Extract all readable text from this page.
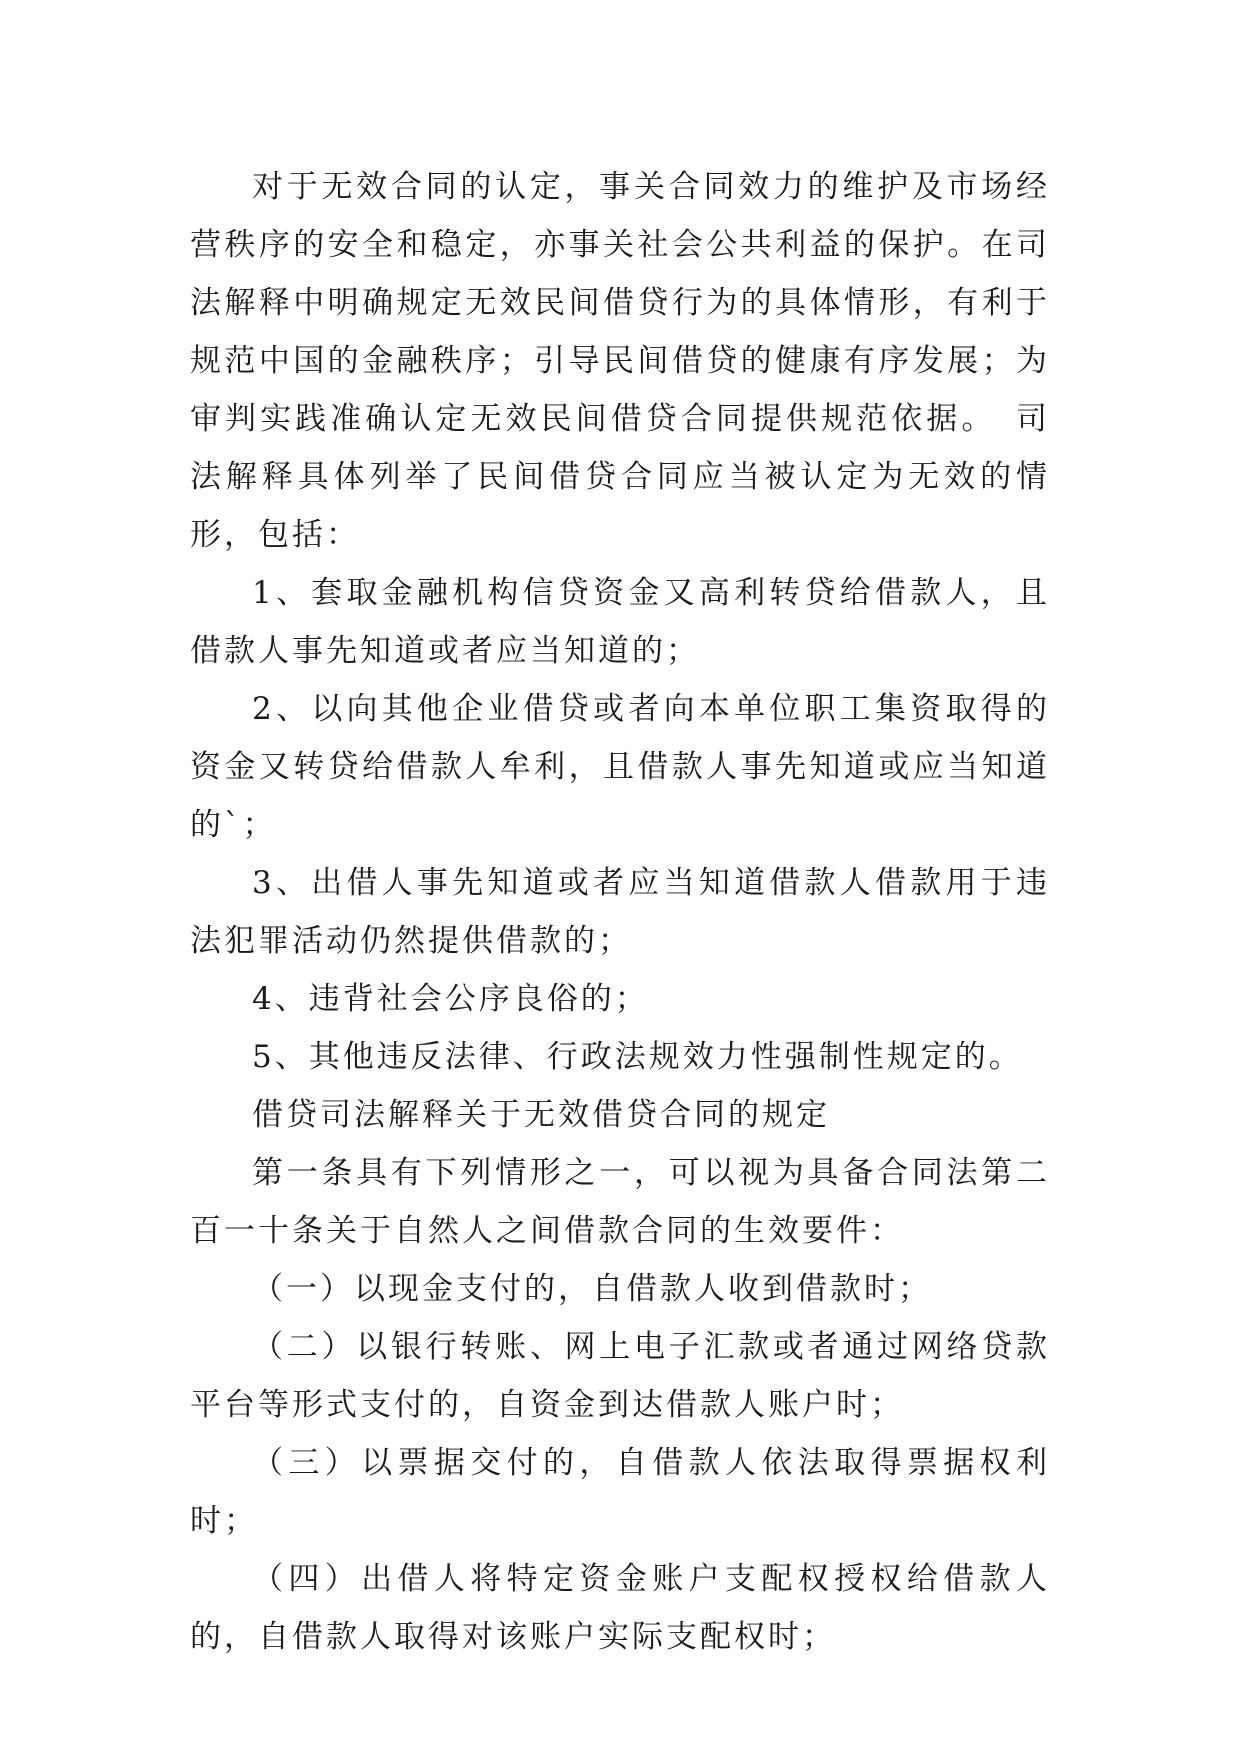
对于无效合同的认定，事关合同效力的维护及市场经营秩序的安全和稳定，亦事关社会公共利益的保护。在司法解释中明确规定无效民间借贷行为的具体情形，有利于规范中国的金融秩序；引导民间借贷的健康有序发展；为审判实践准确认定无效民间借贷合同提供规范依据。　司法解释具体列举了民间借贷合同应当被认定为无效的情形，包括：

1、套取金融机构信贷资金又高利转贷给借款人，且借款人事先知道或者应当知道的；

2、以向其他企业借贷或者向本单位职工集资取得的资金又转贷给借款人牟利，且借款人事先知道或应当知道的`；

3、出借人事先知道或者应当知道借款人借款用于违法犯罪活动仍然提供借款的；

4、违背社会公序良俗的；

5、其他违反法律、行政法规效力性强制性规定的。

借贷司法解释关于无效借贷合同的规定

第一条具有下列情形之一，可以视为具备合同法第二百一十条关于自然人之间借款合同的生效要件：

（一）以现金支付的，自借款人收到借款时；

（二）以银行转账、网上电子汇款或者通过网络贷款平台等形式支付的，自资金到达借款人账户时；

（三）以票据交付的，自借款人依法取得票据权利时；

（四）出借人将特定资金账户支配权授权给借款人的，自借款人取得对该账户实际支配权时；
